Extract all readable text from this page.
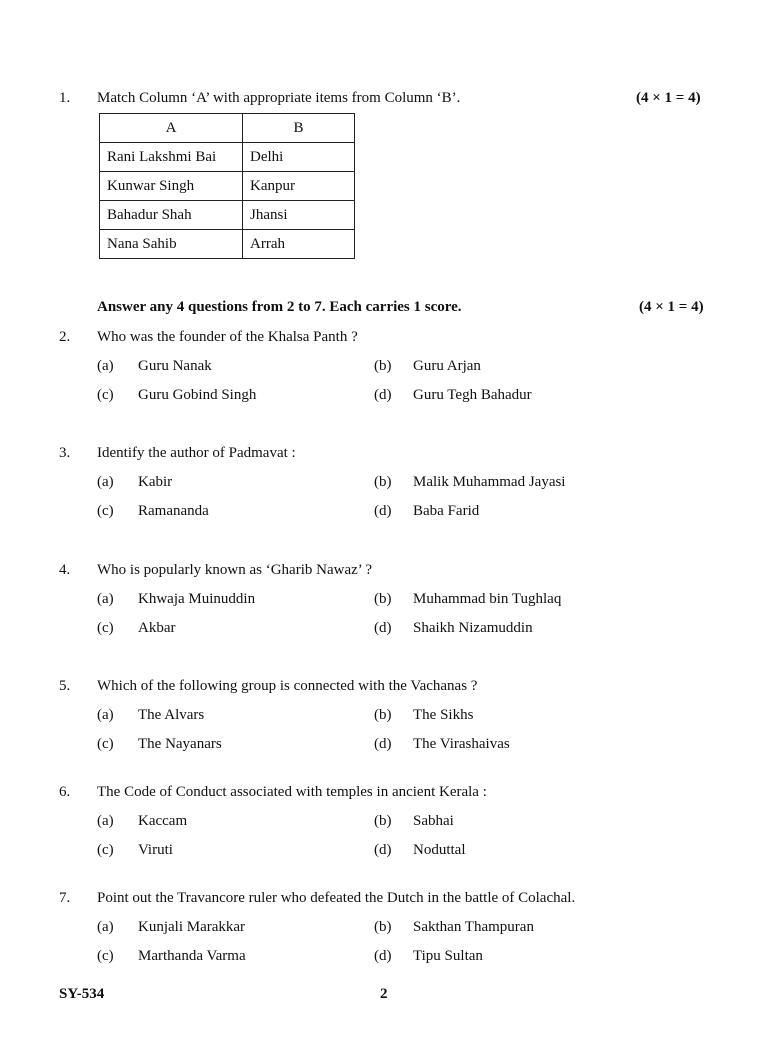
1. Match Column ‘A’ with appropriate items from Column ‘B’.	(4 × 1 = 4)
A	B
Rani Lakshmi Bai	Delhi
Kunwar Singh	Kanpur
Bahadur Shah	Jhansi
Nana Sahib	Arrah
Answer any 4 questions from 2 to 7. Each carries 1 score.	(4 × 1 = 4)
2. Who was the founder of the Khalsa Panth ?
(a) Guru Nanak	(b) Guru Arjan
(c) Guru Gobind Singh	(d) Guru Tegh Bahadur
3. Identify the author of Padmavat :
(a) Kabir	(b) Malik Muhammad Jayasi
(c) Ramananda	(d) Baba Farid
4. Who is popularly known as ‘Gharib Nawaz’ ?
(a) Khwaja Muinuddin	(b) Muhammad bin Tughlaq
(c) Akbar	(d) Shaikh Nizamuddin
5. Which of the following group is connected with the Vachanas ?
(a) The Alvars	(b) The Sikhs
(c) The Nayanars	(d) The Virashaivas
6. The Code of Conduct associated with temples in ancient Kerala :
(a) Kaccam	(b) Sabhai
(c) Viruti	(d) Noduttal
7. Point out the Travancore ruler who defeated the Dutch in the battle of Colachal.
(a) Kunjali Marakkar	(b) Sakthan Thampuran
(c) Marthanda Varma	(d) Tipu Sultan
SY-534	2
